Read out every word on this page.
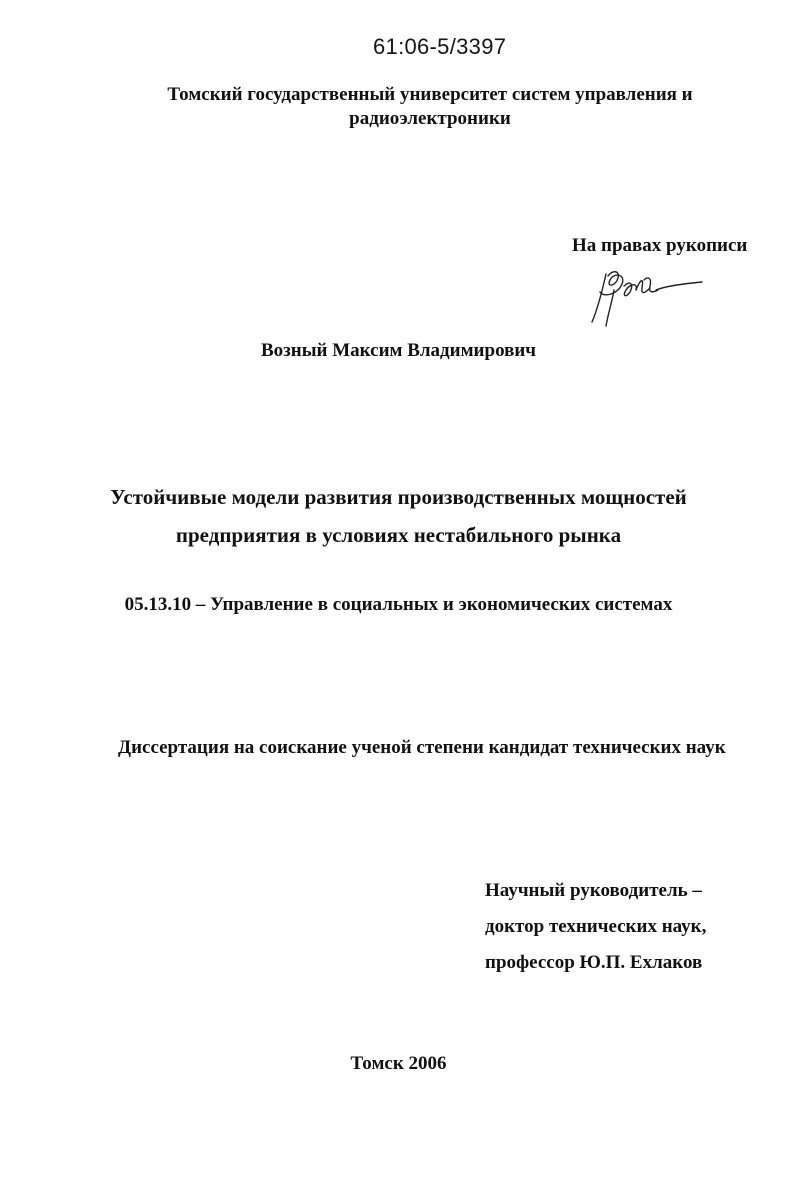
61:06-5/3397
Томский государственный университет систем управления и
радиоэлектроники
На правах рукописи
Возный Максим Владимирович
Устойчивые модели развития производственных мощностей
предприятия в условиях нестабильного рынка
05.13.10 – Управление в социальных и экономических системах
Диссертация на соискание ученой степени кандидат технических наук
Научный руководитель –
доктор технических наук,
профессор Ю.П. Ехлаков
Томск 2006
